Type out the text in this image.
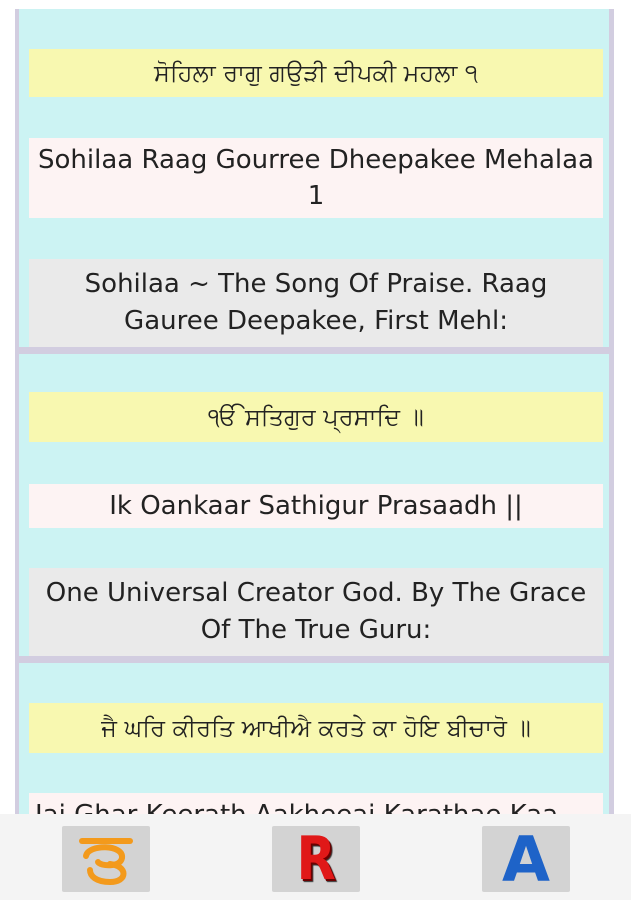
ਸੋਹਿਲਾ ਰਾਗੁ ਗਉੜੀ ਦੀਪਕੀ ਮਹਲਾ ੧
Sohilaa Raag Gourree Dheepakee Mehalaa 1
Sohilaa ~ The Song Of Praise. Raag Gauree Deepakee, First Mehl:
ੴ ਸਤਿਗੁਰ ਪ੍ਰਸਾਦਿ ॥
Ik Oankaar Sathigur Prasaadh ||
One Universal Creator God. By The Grace Of The True Guru:
ਜੈ ਘਰਿ ਕੀਰਤਿ ਆਖੀਐ ਕਰਤੇ ਕਾ ਹੋਇ ਬੀਚਾਰੋ ॥
R	A
